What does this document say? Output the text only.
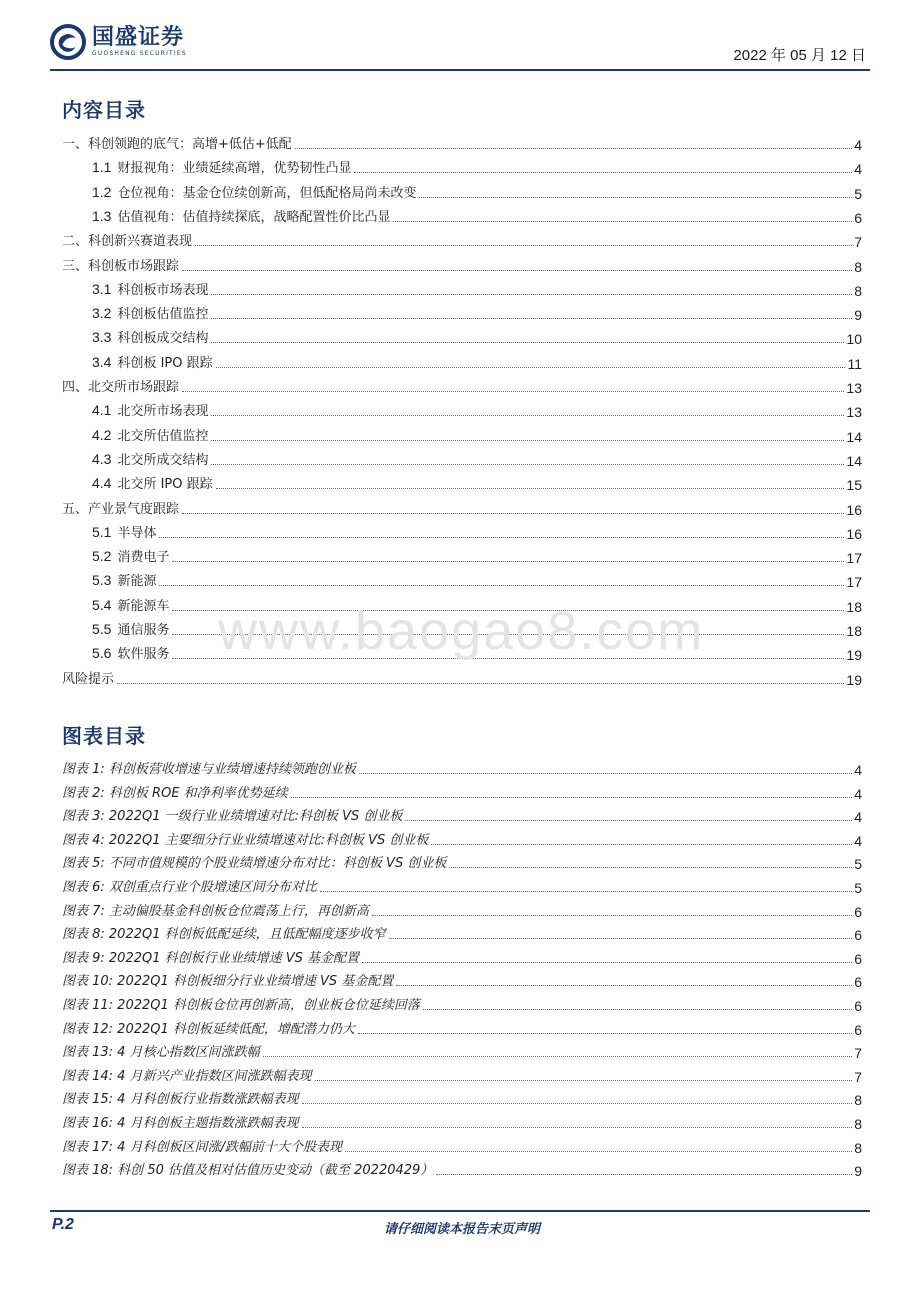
国盛证券
GUOSHENG SECURITIES	2022 年 05 月 12 日
内容目录
一、科创领跑的底气：高增+低估+低配	4
1.1 财报视角：业绩延续高增，优势韧性凸显	4
1.2 仓位视角：基金仓位续创新高，但低配格局尚未改变	5
1.3 估值视角：估值持续探底，战略配置性价比凸显	6
二、科创新兴赛道表现	7
三、科创板市场跟踪	8
3.1 科创板市场表现	8
3.2 科创板估值监控	9
3.3 科创板成交结构	10
3.4 科创板 IPO 跟踪	11
四、北交所市场跟踪	13
4.1 北交所市场表现	13
4.2 北交所估值监控	14
4.3 北交所成交结构	14
4.4 北交所 IPO 跟踪	15
五、产业景气度跟踪	16
5.1 半导体	16
5.2 消费电子	17
5.3 新能源	17
5.4 新能源车	18
5.5 通信服务	18
5.6 软件服务	19
风险提示	19
www.baogao8.com
图表目录
图表 1: 科创板营收增速与业绩增速持续领跑创业板	4
图表 2: 科创板 ROE 和净利率优势延续	4
图表 3: 2022Q1 一级行业业绩增速对比:科创板 VS 创业板	4
图表 4: 2022Q1 主要细分行业业绩增速对比:科创板 VS 创业板	4
图表 5: 不同市值规模的个股业绩增速分布对比：科创板 VS 创业板	5
图表 6: 双创重点行业个股增速区间分布对比	5
图表 7: 主动偏股基金科创板仓位震荡上行，再创新高	6
图表 8: 2022Q1 科创板低配延续，且低配幅度逐步收窄	6
图表 9: 2022Q1 科创板行业业绩增速 VS 基金配置	6
图表 10: 2022Q1 科创板细分行业业绩增速 VS 基金配置	6
图表 11: 2022Q1 科创板仓位再创新高，创业板仓位延续回落	6
图表 12: 2022Q1 科创板延续低配，增配潜力仍大	6
图表 13: 4 月核心指数区间涨跌幅	7
图表 14: 4 月新兴产业指数区间涨跌幅表现	7
图表 15: 4 月科创板行业指数涨跌幅表现	8
图表 16: 4 月科创板主题指数涨跌幅表现	8
图表 17: 4 月科创板区间涨/跌幅前十大个股表现	8
图表 18: 科创 50 估值及相对估值历史变动（截至 20220429）	9
P.2	请仔细阅读本报告末页声明
